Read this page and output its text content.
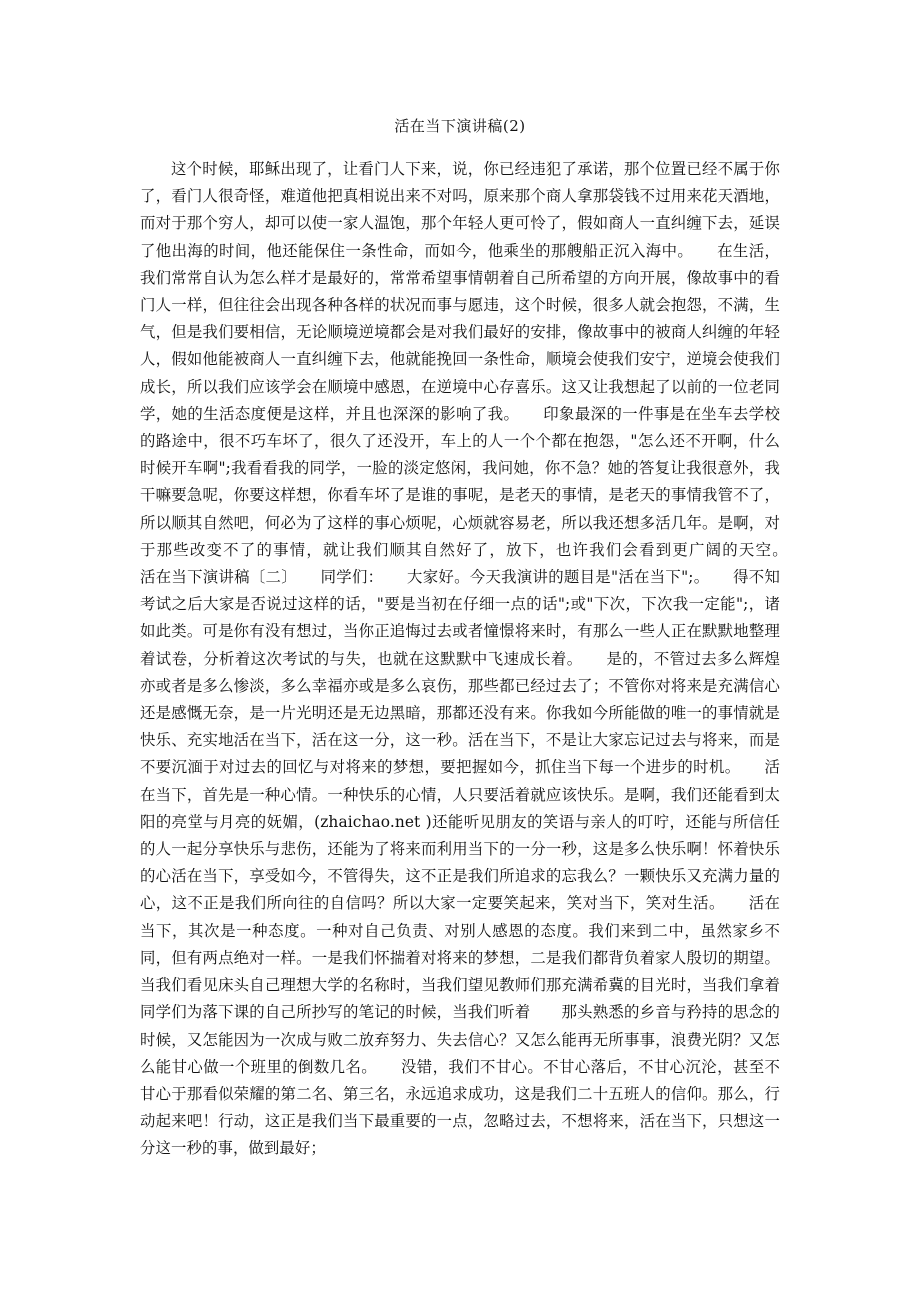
活在当下演讲稿(2)

这个时候，耶稣出现了，让看门人下来，说，你已经违犯了承诺，那个位置已经不属于你了，看门人很奇怪，难道他把真相说出来不对吗，原来那个商人拿那袋钱不过用来花天酒地，而对于那个穷人，却可以使一家人温饱，那个年轻人更可怜了，假如商人一直纠缠下去，延误了他出海的时间，他还能保住一条性命，而如今，他乘坐的那艘船正沉入海中。　　在生活，我们常常自认为怎么样才是最好的，常常希望事情朝着自己所希望的方向开展，像故事中的看门人一样，但往往会出现各种各样的状况而事与愿违，这个时候，很多人就会抱怨，不满，生气，但是我们要相信，无论顺境逆境都会是对我们最好的安排，像故事中的被商人纠缠的年轻人，假如他能被商人一直纠缠下去，他就能挽回一条性命，顺境会使我们安宁，逆境会使我们成长，所以我们应该学会在顺境中感恩，在逆境中心存喜乐。这又让我想起了以前的一位老同学，她的生活态度便是这样，并且也深深的影响了我。　　印象最深的一件事是在坐车去学校的路途中，很不巧车坏了，很久了还没开，车上的人一个个都在抱怨，"怎么还不开啊，什么时候开车啊";我看看我的同学，一脸的淡定悠闲，我问她，你不急？她的答复让我很意外，我干嘛要急呢，你要这样想，你看车坏了是谁的事呢，是老天的事情，是老天的事情我管不了，所以顺其自然吧，何必为了这样的事心烦呢，心烦就容易老，所以我还想多活几年。是啊，对于那些改变不了的事情，就让我们顺其自然好了，放下，也许我们会看到更广阔的天空。　　活在当下演讲稿〔二〕　　同学们：　　大家好。今天我演讲的题目是"活在当下";。　　得不知考试之后大家是否说过这样的话，"要是当初在仔细一点的话";或"下次，下次我一定能";，诸如此类。可是你有没有想过，当你正追悔过去或者憧憬将来时，有那么一些人正在默默地整理着试卷，分析着这次考试的与失，也就在这默默中飞速成长着。　　是的，不管过去多么辉煌亦或者是多么惨淡，多么幸福亦或是多么哀伤，那些都已经过去了；不管你对将来是充满信心还是感慨无奈，是一片光明还是无边黑暗，那都还没有来。你我如今所能做的唯一的事情就是快乐、充实地活在当下，活在这一分，这一秒。活在当下，不是让大家忘记过去与将来，而是不要沉湎于对过去的回忆与对将来的梦想，要把握如今，抓住当下每一个进步的时机。　　活在当下，首先是一种心情。一种快乐的心情，人只要活着就应该快乐。是啊，我们还能看到太阳的亮堂与月亮的妩媚，(zhaichao.net )还能听见朋友的笑语与亲人的叮咛，还能与所信任的人一起分享快乐与悲伤，还能为了将来而利用当下的一分一秒，这是多么快乐啊！怀着快乐的心活在当下，享受如今，不管得失，这不正是我们所追求的忘我么？一颗快乐又充满力量的心，这不正是我们所向往的自信吗？所以大家一定要笑起来，笑对当下，笑对生活。　　活在当下，其次是一种态度。一种对自己负责、对别人感恩的态度。我们来到二中，虽然家乡不同，但有两点绝对一样。一是我们怀揣着对将来的梦想，二是我们都背负着家人殷切的期望。当我们看见床头自己理想大学的名称时，当我们望见教师们那充满希冀的目光时，当我们拿着同学们为落下课的自己所抄写的笔记的时候，当我们听着　　那头熟悉的乡音与矜持的思念的时候，又怎能因为一次成与败二放弃努力、失去信心？又怎么能再无所事事，浪费光阴？又怎么能甘心做一个班里的倒数几名。　　没错，我们不甘心。不甘心落后，不甘心沉沦，甚至不甘心于那看似荣耀的第二名、第三名，永远追求成功，这是我们二十五班人的信仰。那么，行动起来吧！行动，这正是我们当下最重要的一点，忽略过去，不想将来，活在当下，只想这一分这一秒的事，做到最好；
